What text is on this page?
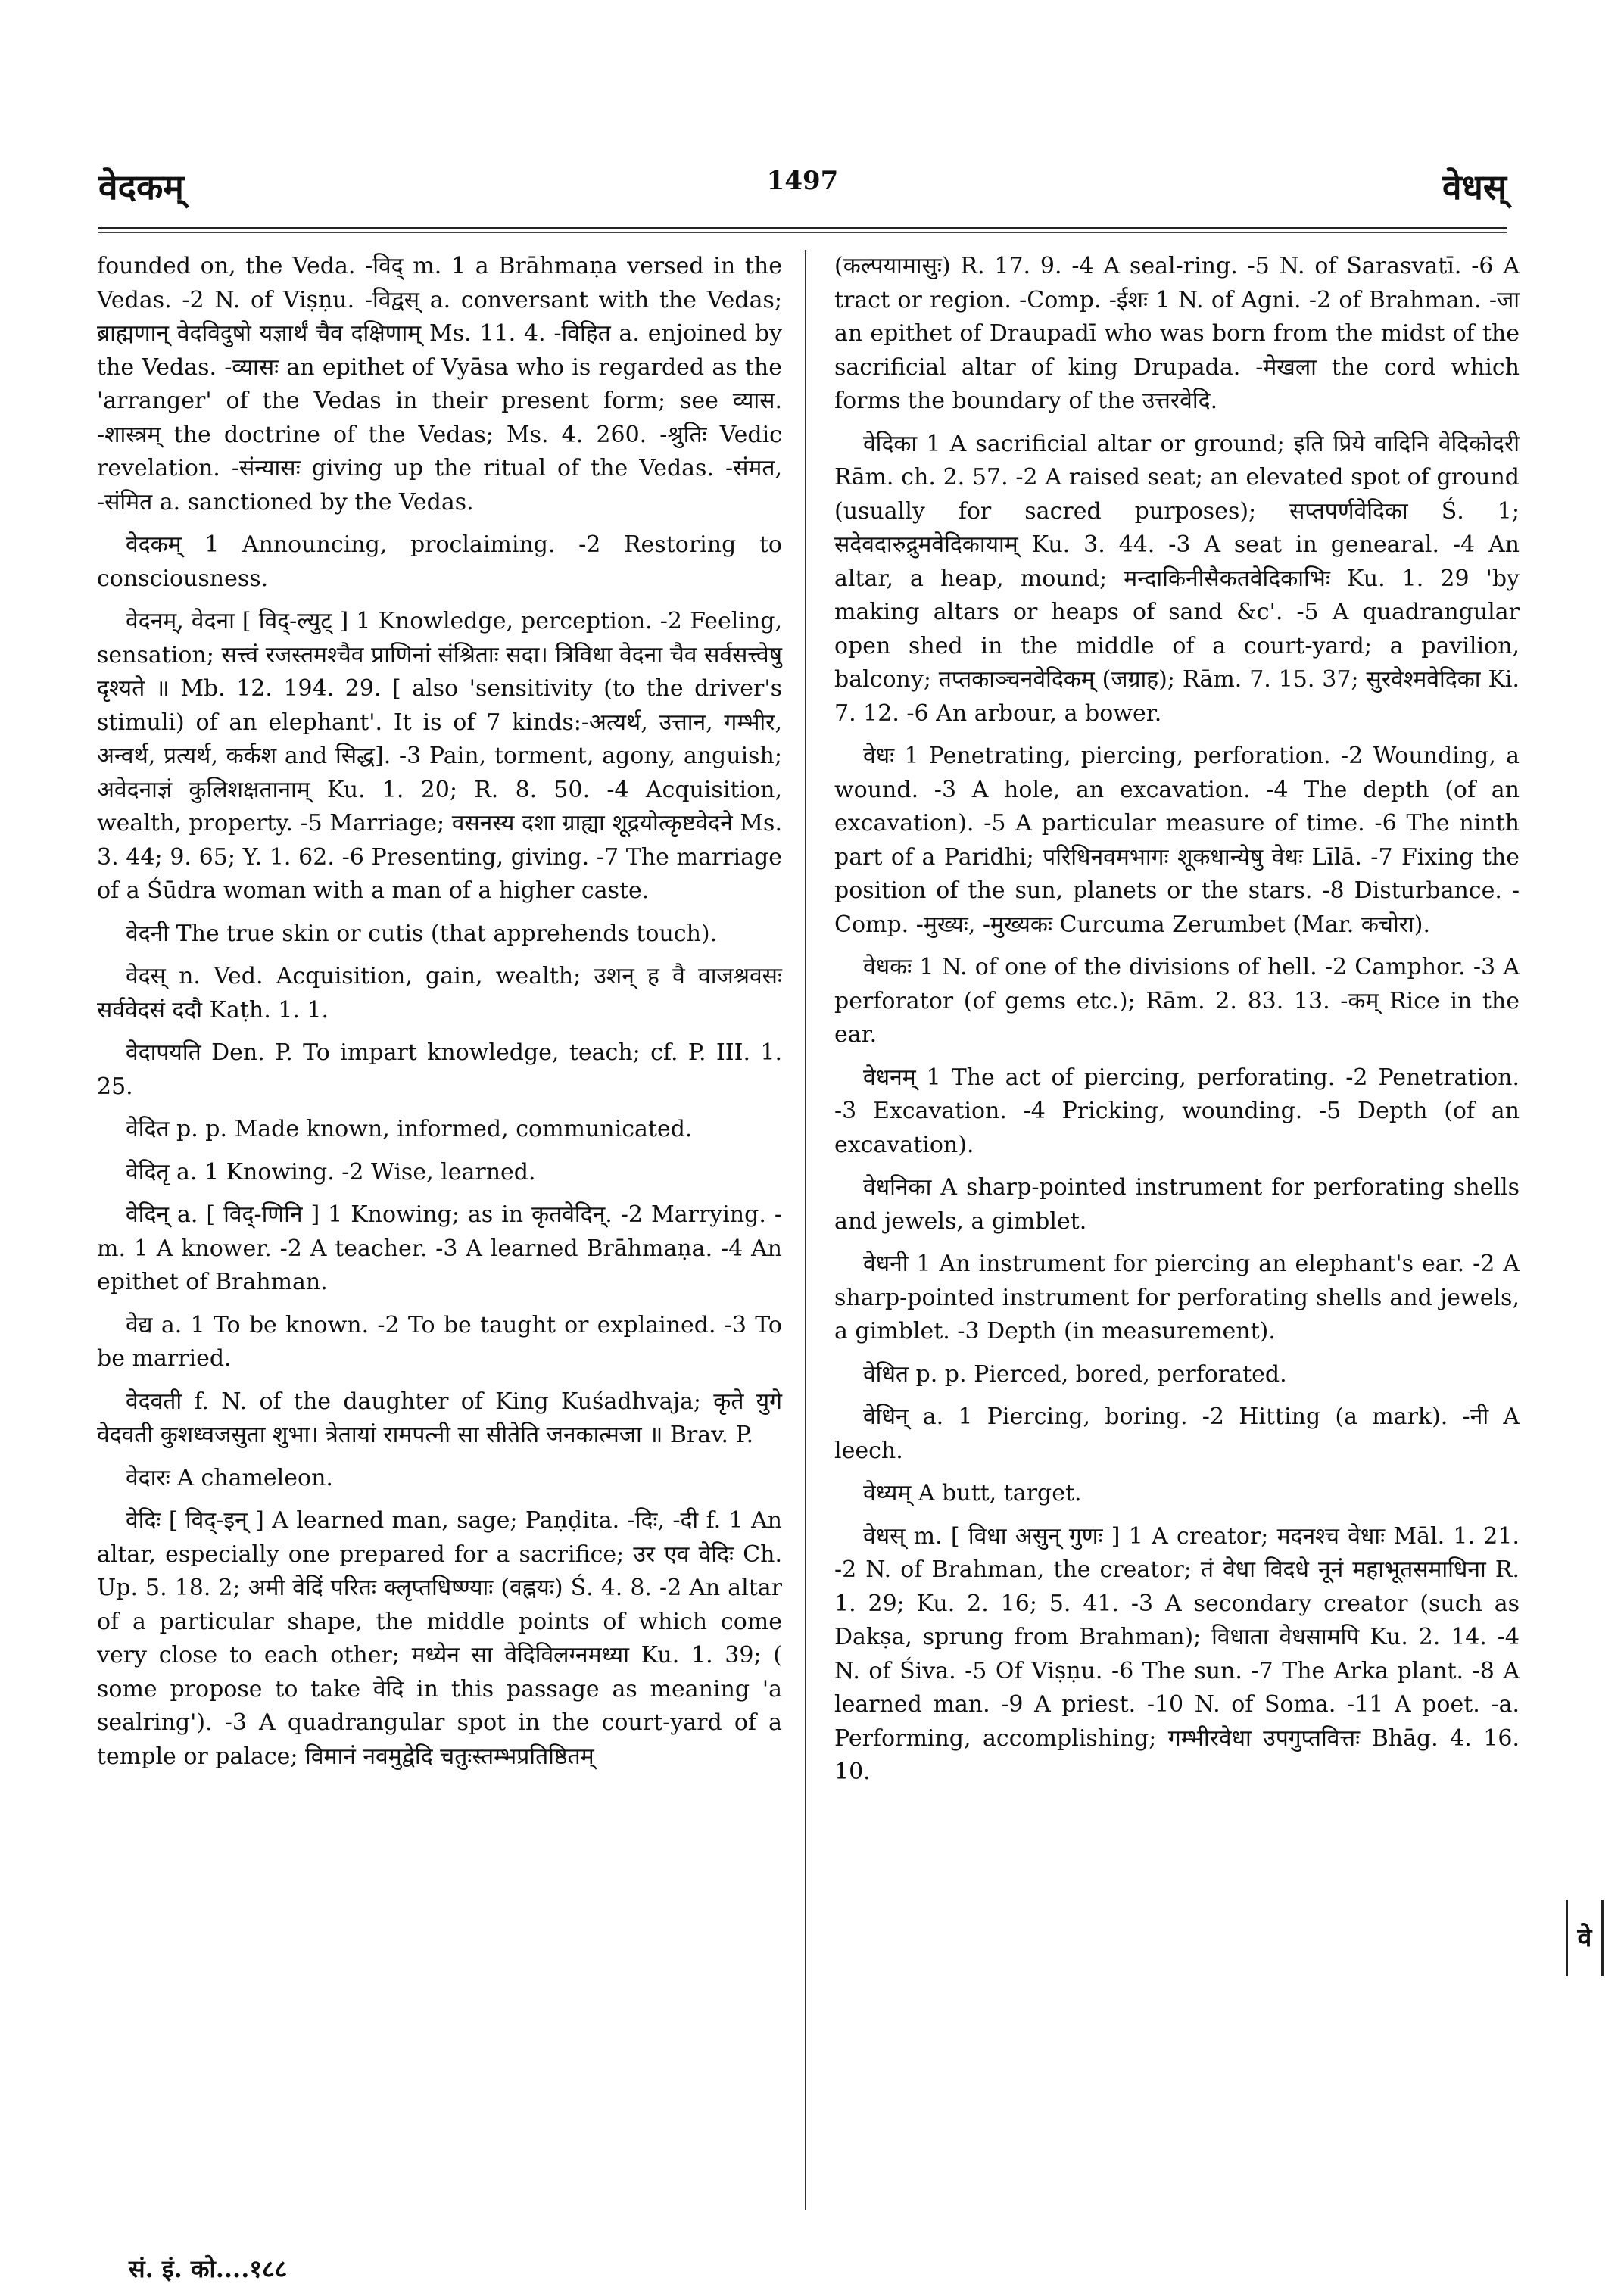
1497
वेदकम्	वेधस्

founded on, the Veda. -विद् m. 1 a Brāhmaṇa versed in the Vedas. -2 N. of Viṣṇu. -विद्वस् a. conversant with the Vedas; ब्राह्मणान् वेदविदुषो यज्ञार्थं चैव दक्षिणाम् Ms. 11. 4. -विहित a. enjoined by the Vedas. -व्यासः an epithet of Vyāsa who is regarded as the 'arranger' of the Vedas in their present form; see व्यास. -शास्त्रम् the doctrine of the Vedas; Ms. 4. 260. -श्रुतिः Vedic revelation. -संन्यासः giving up the ritual of the Vedas. -संमत, -संमित a. sanctioned by the Vedas.

वेदकम् 1 Announcing, proclaiming. -2 Restoring to consciousness.

वेदनम्, वेदना [ विद्-ल्युट् ] 1 Knowledge, perception. -2 Feeling, sensation; सत्त्वं रजस्तमश्चैव प्राणिनां संश्रिताः सदा। त्रिविधा वेदना चैव सर्वसत्त्वेषु दृश्यते ॥ Mb. 12. 194. 29. [ also 'sensitivity (to the driver's stimuli) of an elephant'. It is of 7 kinds:-अत्यर्थ, उत्तान, गम्भीर, अन्वर्थ, प्रत्यर्थ, कर्कश and सिद्ध]. -3 Pain, torment, agony, anguish; अवेदनाज्ञं कुलिशक्षतानाम् Ku. 1. 20; R. 8. 50. -4 Acquisition, wealth, property. -5 Marriage; वसनस्य दशा ग्राह्या शूद्रयोत्कृष्टवेदने Ms. 3. 44; 9. 65; Y. 1. 62. -6 Presenting, giving. -7 The marriage of a Śūdra woman with a man of a higher caste.

वेदनी The true skin or cutis (that apprehends touch).

वेदस् n. Ved. Acquisition, gain, wealth; उशन् ह वै वाजश्रवसः सर्ववेदसं ददौ Kaṭh. 1. 1.

वेदापयति Den. P. To impart knowledge, teach; cf. P. III. 1. 25.

वेदित p. p. Made known, informed, communicated.

वेदितृ a. 1 Knowing. -2 Wise, learned.

वेदिन् a. [ विद्-णिनि ] 1 Knowing; as in कृतवेदिन्. -2 Marrying. -m. 1 A knower. -2 A teacher. -3 A learned Brāhmaṇa. -4 An epithet of Brahman.

वेद्य a. 1 To be known. -2 To be taught or explained. -3 To be married.

वेदवती f. N. of the daughter of King Kuśadhvaja; कृते युगे वेदवती कुशध्वजसुता शुभा। त्रेतायां रामपत्नी सा सीतेति जनकात्मजा ॥ Brav. P.

वेदारः A chameleon.

वेदिः [ विद्-इन् ] A learned man, sage; Paṇḍita. -दिः, -दी f. 1 An altar, especially one prepared for a sacrifice; उर एव वेदिः Ch. Up. 5. 18. 2; अमी वेदिं परितः क्लृप्तधिष्ण्याः (वह्नयः) Ś. 4. 8. -2 An altar of a particular shape, the middle points of which come very close to each other; मध्येन सा वेदिविलग्नमध्या Ku. 1. 39; ( some propose to take वेदि in this passage as meaning 'a sealring'). -3 A quadrangular spot in the court-yard of a temple or palace; विमानं नवमुद्वेदि चतुःस्तम्भप्रतिष्ठितम्

(कल्पयामासुः) R. 17. 9. -4 A seal-ring. -5 N. of Sarasvatī. -6 A tract or region. -Comp. -ईशः 1 N. of Agni. -2 of Brahman. -जा an epithet of Draupadī who was born from the midst of the sacrificial altar of king Drupada. -मेखला the cord which forms the boundary of the उत्तरवेदि.

वेदिका 1 A sacrificial altar or ground; इति प्रिये वादिनि वेदिकोदरी Rām. ch. 2. 57. -2 A raised seat; an elevated spot of ground (usually for sacred purposes); सप्तपर्णवेदिका Ś. 1; सदेवदारुद्रुमवेदिकायाम् Ku. 3. 44. -3 A seat in genearal. -4 An altar, a heap, mound; मन्दाकिनीसैकतवेदिकाभिः Ku. 1. 29 'by making altars or heaps of sand &c'. -5 A quadrangular open shed in the middle of a court-yard; a pavilion, balcony; तप्तकाञ्चनवेदिकम् (जग्राह); Rām. 7. 15. 37; सुरवेश्मवेदिका Ki. 7. 12. -6 An arbour, a bower.

वेधः 1 Penetrating, piercing, perforation. -2 Wounding, a wound. -3 A hole, an excavation. -4 The depth (of an excavation). -5 A particular measure of time. -6 The ninth part of a Paridhi; परिधिनवमभागः शूकधान्येषु वेधः Līlā. -7 Fixing the position of the sun, planets or the stars. -8 Disturbance. -Comp. -मुख्यः, -मुख्यकः Curcuma Zerumbet (Mar. कचोरा).

वेधकः 1 N. of one of the divisions of hell. -2 Camphor. -3 A perforator (of gems etc.); Rām. 2. 83. 13. -कम् Rice in the ear.

वेधनम् 1 The act of piercing, perforating. -2 Penetration. -3 Excavation. -4 Pricking, wounding. -5 Depth (of an excavation).

वेधनिका A sharp-pointed instrument for perforating shells and jewels, a gimblet.

वेधनी 1 An instrument for piercing an elephant's ear. -2 A sharp-pointed instrument for perforating shells and jewels, a gimblet. -3 Depth (in measurement).

वेधित p. p. Pierced, bored, perforated.

वेधिन् a. 1 Piercing, boring. -2 Hitting (a mark). -नी A leech.

वेध्यम् A butt, target.

वेधस् m. [ विधा असुन् गुणः ] 1 A creator; मदनश्च वेधाः Māl. 1. 21. -2 N. of Brahman, the creator; तं वेधा विदधे नूनं महाभूतसमाधिना R. 1. 29; Ku. 2. 16; 5. 41. -3 A secondary creator (such as Dakṣa, sprung from Brahman); विधाता वेधसामपि Ku. 2. 14. -4 N. of Śiva. -5 Of Viṣṇu. -6 The sun. -7 The Arka plant. -8 A learned man. -9 A priest. -10 N. of Soma. -11 A poet. -a. Performing, accomplishing; गम्भीरवेधा उपगुप्तवित्तः Bhāg. 4. 16. 10.

सं. इं. को....१८८
वे
